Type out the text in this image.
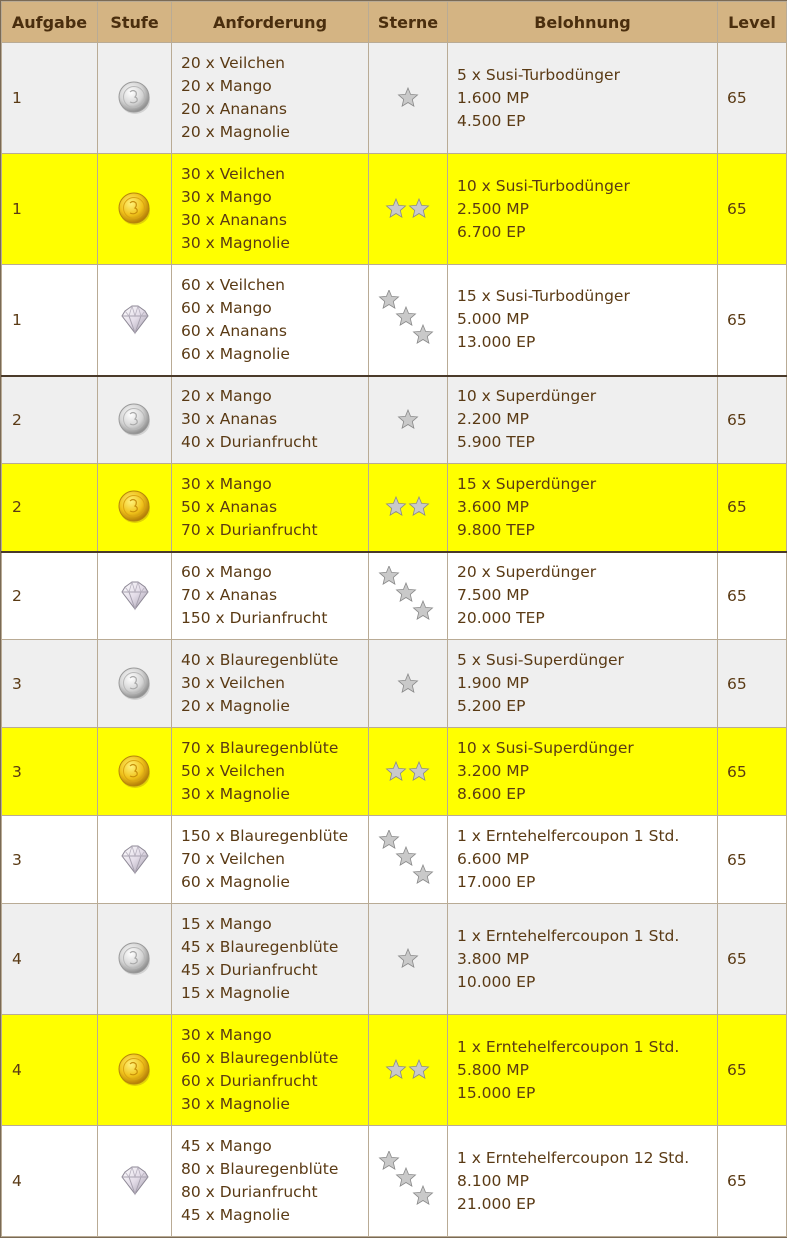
Aufgabe	Stufe	Anforderung	Sterne	Belohnung	Level
1		20 x Veilchen
20 x Mango
20 x Ananans
20 x Magnolie		5 x Susi-Turbodünger
1.600 MP
4.500 EP	65
1		30 x Veilchen
30 x Mango
30 x Ananans
30 x Magnolie		10 x Susi-Turbodünger
2.500 MP
6.700 EP	65
1		60 x Veilchen
60 x Mango
60 x Ananans
60 x Magnolie		15 x Susi-Turbodünger
5.000 MP
13.000 EP	65
2		20 x Mango
30 x Ananas
40 x Durianfrucht		10 x Superdünger
2.200 MP
5.900 TEP	65
2		30 x Mango
50 x Ananas
70 x Durianfrucht		15 x Superdünger
3.600 MP
9.800 TEP	65
2		60 x Mango
70 x Ananas
150 x Durianfrucht		20 x Superdünger
7.500 MP
20.000 TEP	65
3		40 x Blauregenblüte
30 x Veilchen
20 x Magnolie		5 x Susi-Superdünger
1.900 MP
5.200 EP	65
3		70 x Blauregenblüte
50 x Veilchen
30 x Magnolie		10 x Susi-Superdünger
3.200 MP
8.600 EP	65
3		150 x Blauregenblüte
70 x Veilchen
60 x Magnolie		1 x Erntehelfercoupon 1 Std.
6.600 MP
17.000 EP	65
4		15 x Mango
45 x Blauregenblüte
45 x Durianfrucht
15 x Magnolie		1 x Erntehelfercoupon 1 Std.
3.800 MP
10.000 EP	65
4		30 x Mango
60 x Blauregenblüte
60 x Durianfrucht
30 x Magnolie		1 x Erntehelfercoupon 1 Std.
5.800 MP
15.000 EP	65
4		45 x Mango
80 x Blauregenblüte
80 x Durianfrucht
45 x Magnolie		1 x Erntehelfercoupon 12 Std.
8.100 MP
21.000 EP	65
